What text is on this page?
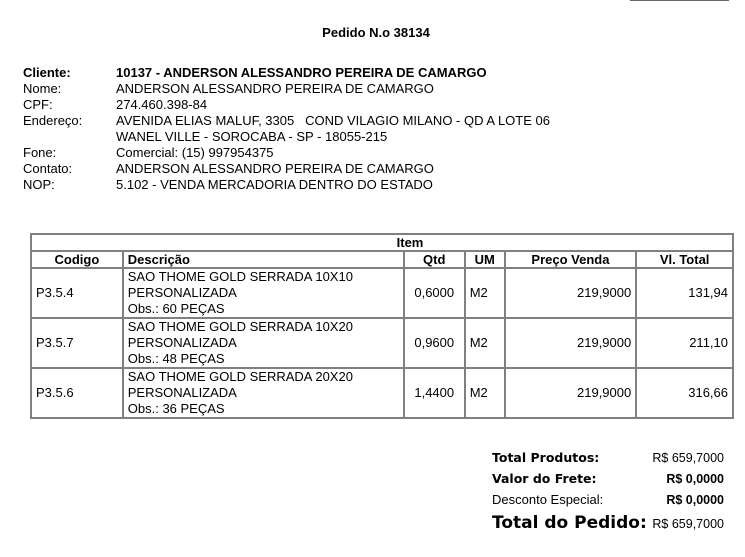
Pedido N.o 38134
Cliente:	10137 - ANDERSON ALESSANDRO PEREIRA DE CAMARGO
Nome:	ANDERSON ALESSANDRO PEREIRA DE CAMARGO
CPF:	274.460.398-84
Endereço:	AVENIDA ELIAS MALUF, 3305   COND VILAGIO MILANO - QD A LOTE 06
WANEL VILLE - SOROCABA - SP - 18055-215
Fone:	Comercial: (15) 997954375
Contato:	ANDERSON ALESSANDRO PEREIRA DE CAMARGO
NOP:	5.102 - VENDA MERCADORIA DENTRO DO ESTADO
Item					
Codigo	Descrição	Qtd	UM	Preço Venda	Vl. Total
P3.5.4	SAO THOME GOLD SERRADA 10X10
PERSONALIZADA
Obs.: 60 PEÇAS	0,6000	M2	219,9000	131,94
P3.5.7	SAO THOME GOLD SERRADA 10X20
PERSONALIZADA
Obs.: 48 PEÇAS	0,9600	M2	219,9000	211,10
P3.5.6	SAO THOME GOLD SERRADA 20X20
PERSONALIZADA
Obs.: 36 PEÇAS	1,4400	M2	219,9000	316,66
Total Produtos:	R$ 659,7000
Valor do Frete:	R$ 0,0000
Desconto Especial:	R$ 0,0000
Total do Pedido: R$ 659,7000
